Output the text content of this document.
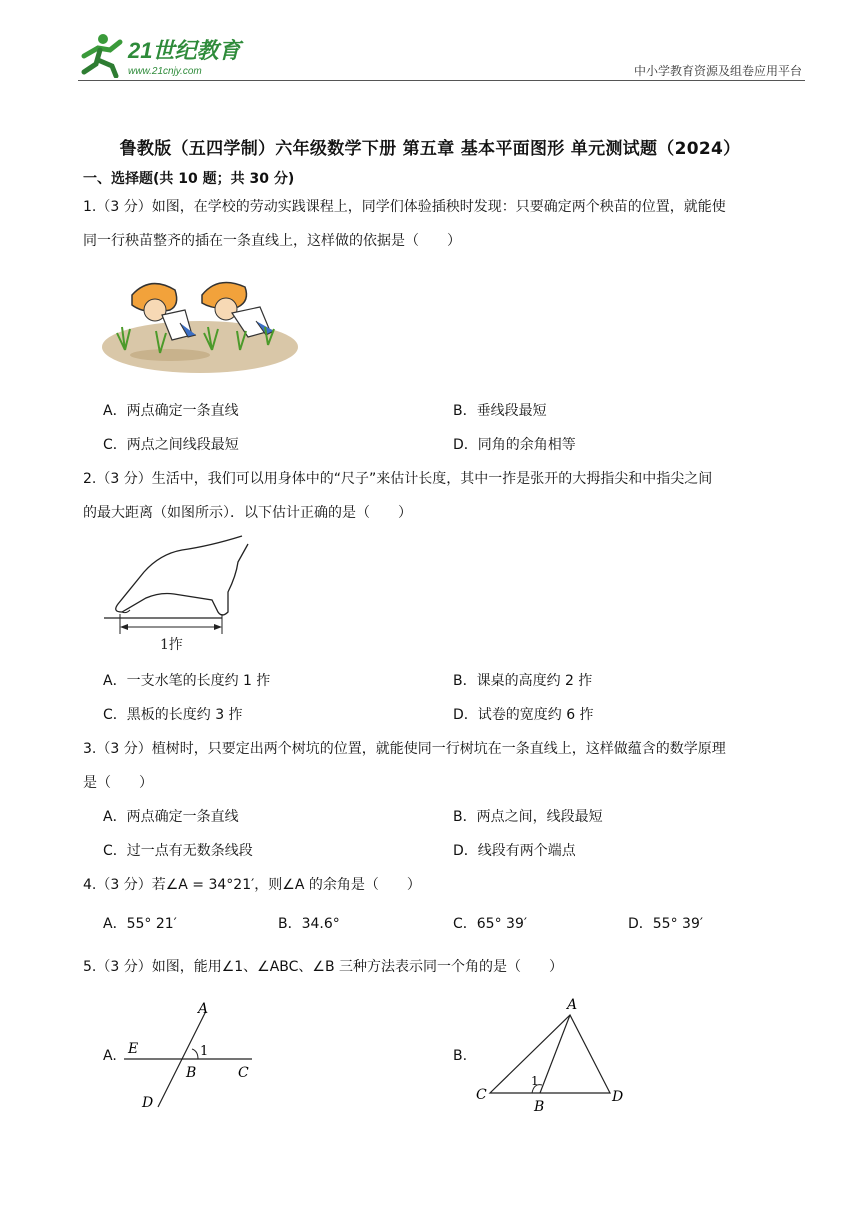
21世纪教育
www.21cnjy.com	中小学教育资源及组卷应用平台
鲁教版（五四学制）六年级数学下册 第五章 基本平面图形 单元测试题（2024）
一、选择题(共 10 题；共 30 分)
1.（3 分）如图，在学校的劳动实践课程上，同学们体验插秧时发现：只要确定两个秧苗的位置，就能使
同一行秧苗整齐的插在一条直线上，这样做的依据是（　　）
A．两点确定一条直线	B．垂线段最短
C．两点之间线段最短	D．同角的余角相等
2.（3 分）生活中，我们可以用身体中的“尺子”来估计长度，其中一拃是张开的大拇指尖和中指尖之间
的最大距离（如图所示）．以下估计正确的是（　　）
1拃
A．一支水笔的长度约 1 拃	B．课桌的高度约 2 拃
C．黑板的长度约 3 拃	D．试卷的宽度约 6 拃
3.（3 分）植树时，只要定出两个树坑的位置，就能使同一行树坑在一条直线上，这样做蕴含的数学原理
是（　　）
A．两点确定一条直线	B．两点之间，线段最短
C．过一点有无数条线段	D．线段有两个端点
4.（3 分）若∠A = 34°21′，则∠A 的余角是（　　）
A．55° 21′	B．34.6°	C．65° 39′	D．55° 39′
5.（3 分）如图，能用∠1、∠ABC、∠B 三种方法表示同一个角的是（　　）
A.
A
E	1
B	C
D
B.
A
1
C
B
D
